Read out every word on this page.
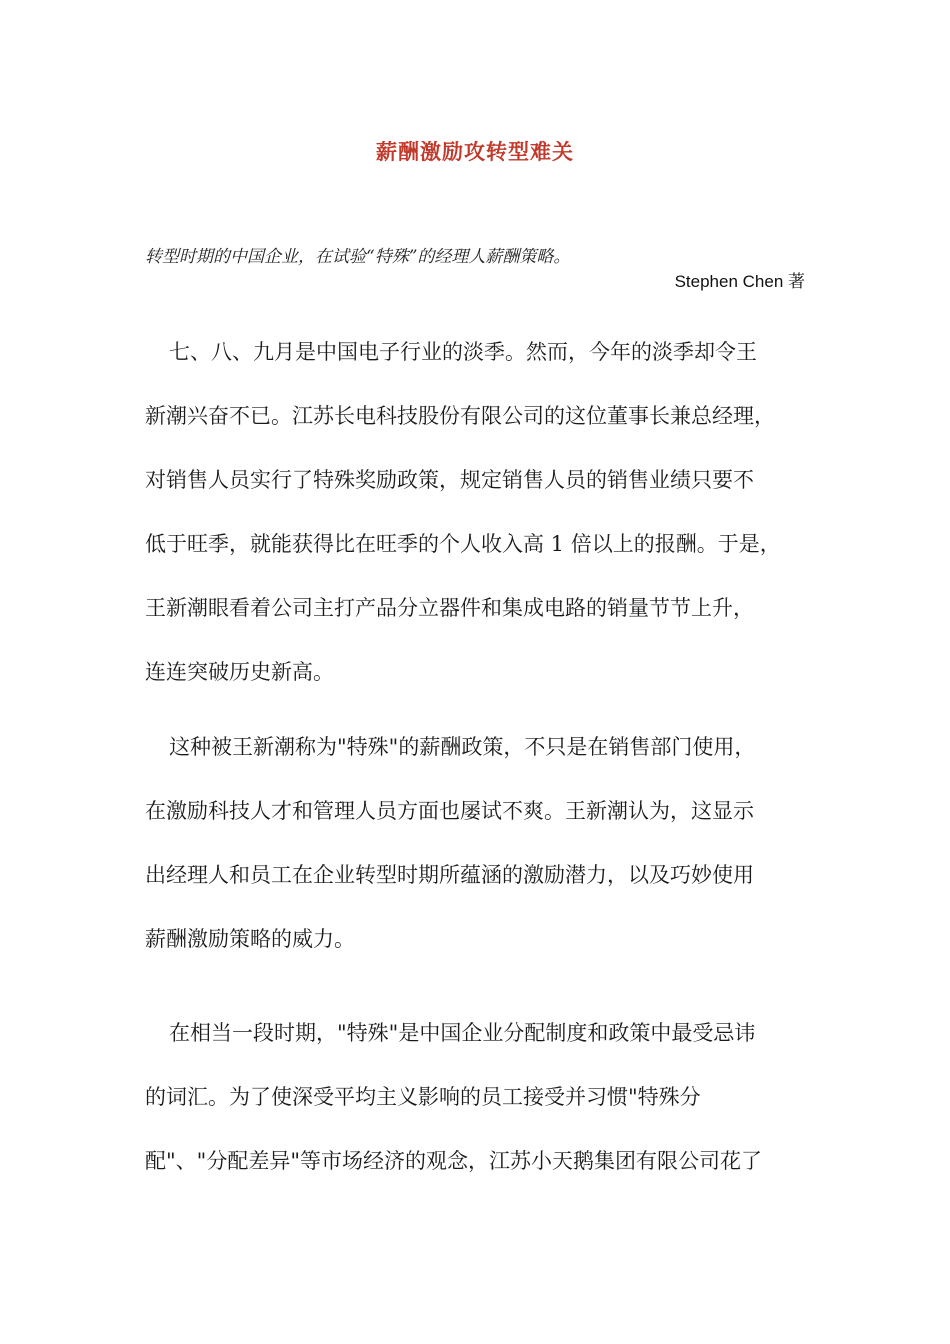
薪酬激励攻转型难关
转型时期的中国企业，在试验“特殊”的经理人薪酬策略。
Stephen Chen 著
七、八、九月是中国电子行业的淡季。然而，今年的淡季却令王
新潮兴奋不已。江苏长电科技股份有限公司的这位董事长兼总经理，
对销售人员实行了特殊奖励政策，规定销售人员的销售业绩只要不
低于旺季，就能获得比在旺季的个人收入高 1 倍以上的报酬。于是，
王新潮眼看着公司主打产品分立器件和集成电路的销量节节上升，
连连突破历史新高。
这种被王新潮称为"特殊"的薪酬政策，不只是在销售部门使用，
在激励科技人才和管理人员方面也屡试不爽。王新潮认为，这显示
出经理人和员工在企业转型时期所蕴涵的激励潜力，以及巧妙使用
薪酬激励策略的威力。
在相当一段时期，"特殊"是中国企业分配制度和政策中最受忌讳
的词汇。为了使深受平均主义影响的员工接受并习惯"特殊分
配"、"分配差异"等市场经济的观念，江苏小天鹅集团有限公司花了
